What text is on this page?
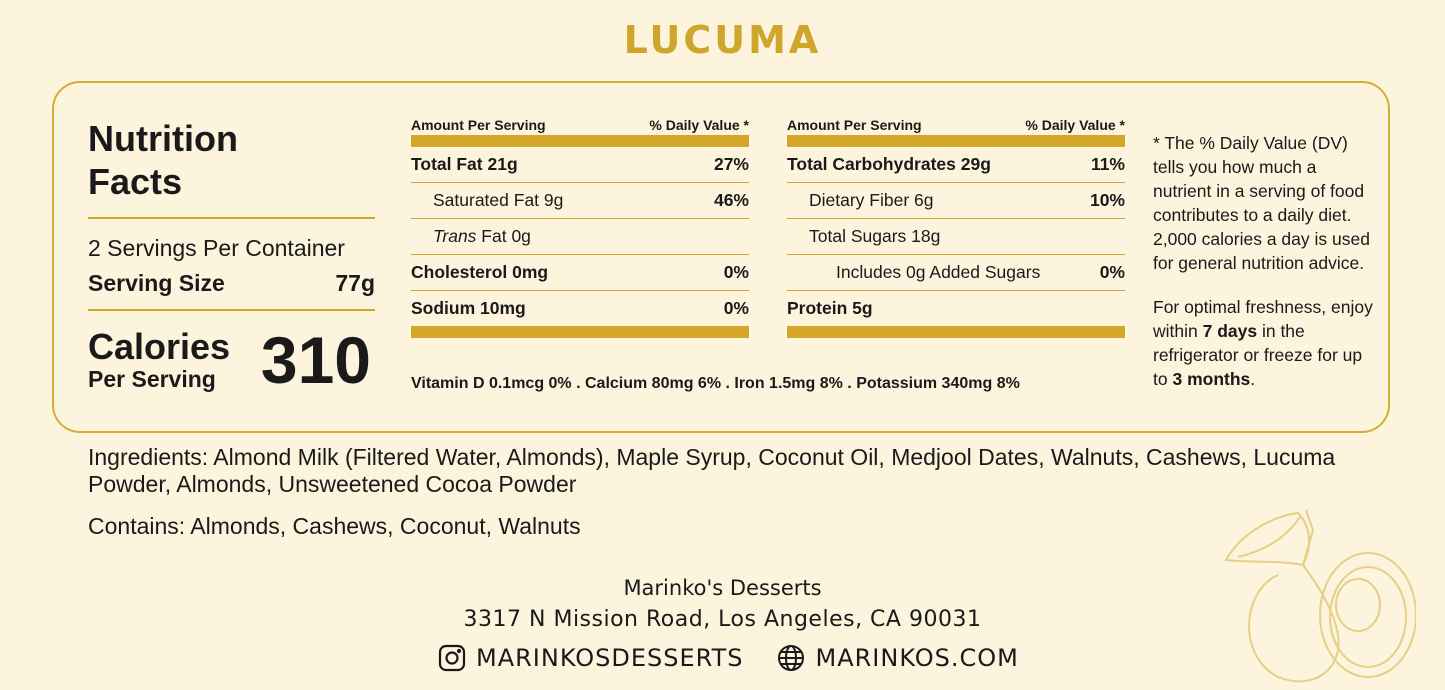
LUCUMA
Nutrition
Facts
2 Servings Per Container
Serving Size	77g
Calories
Per Serving 310
Amount Per Serving	% Daily Value *
Total Fat 21g	27%
Saturated Fat 9g	46%
Trans Fat 0g
Cholesterol 0mg	0%
Sodium 10mg	0%
Amount Per Serving	% Daily Value *
Total Carbohydrates 29g	11%
Dietary Fiber 6g	10%
Total Sugars 18g
Includes 0g Added Sugars	0%
Protein 5g
Vitamin D 0.1mcg 0% . Calcium 80mg 6% . Iron 1.5mg 8% . Potassium 340mg 8%

* The % Daily Value (DV) tells you how much a nutrient in a serving of food contributes to a daily diet. 2,000 calories a day is used for general nutrition advice.

For optimal freshness, enjoy within 7 days in the refrigerator or freeze for up to 3 months.

Ingredients: Almond Milk (Filtered Water, Almonds), Maple Syrup, Coconut Oil, Medjool Dates, Walnuts, Cashews, Lucuma Powder, Almonds, Unsweetened Cocoa Powder
Contains: Almonds, Cashews, Coconut, Walnuts
Marinko's Desserts
3317 N Mission Road, Los Angeles, CA 90031
MARINKOSDESSERTS	MARINKOS.COM
